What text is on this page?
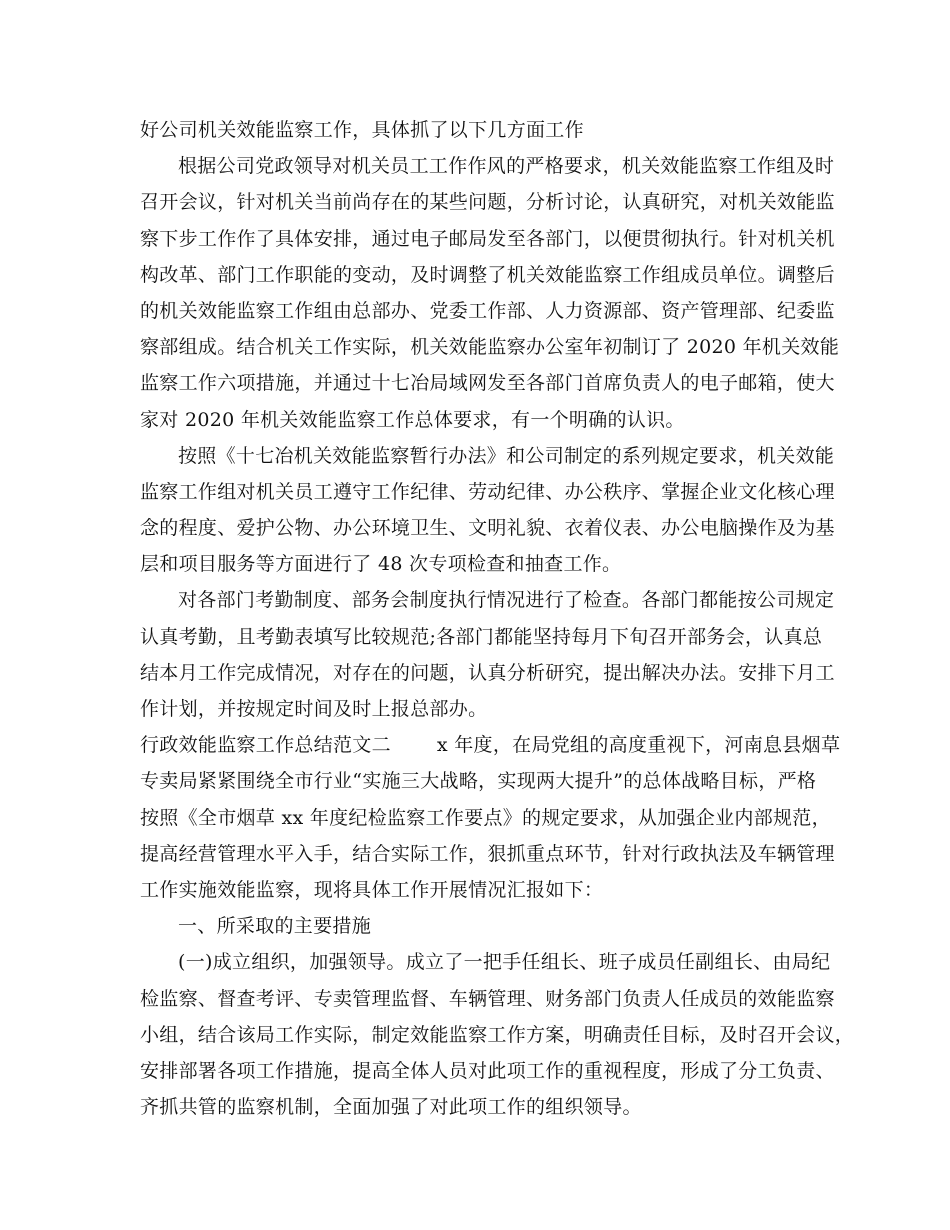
好公司机关效能监察工作，具体抓了以下几方面工作
根据公司党政领导对机关员工工作作风的严格要求，机关效能监察工作组及时
召开会议，针对机关当前尚存在的某些问题，分析讨论，认真研究，对机关效能监
察下步工作作了具体安排，通过电子邮局发至各部门，以便贯彻执行。针对机关机
构改革、部门工作职能的变动，及时调整了机关效能监察工作组成员单位。调整后
的机关效能监察工作组由总部办、党委工作部、人力资源部、资产管理部、纪委监
察部组成。结合机关工作实际，机关效能监察办公室年初制订了 2020 年机关效能
监察工作六项措施，并通过十七冶局域网发至各部门首席负责人的电子邮箱，使大
家对 2020 年机关效能监察工作总体要求，有一个明确的认识。
按照《十七冶机关效能监察暂行办法》和公司制定的系列规定要求，机关效能
监察工作组对机关员工遵守工作纪律、劳动纪律、办公秩序、掌握企业文化核心理
念的程度、爱护公物、办公环境卫生、文明礼貌、衣着仪表、办公电脑操作及为基
层和项目服务等方面进行了 48 次专项检查和抽查工作。
对各部门考勤制度、部务会制度执行情况进行了检查。各部门都能按公司规定
认真考勤，且考勤表填写比较规范;各部门都能坚持每月下旬召开部务会，认真总
结本月工作完成情况，对存在的问题，认真分析研究，提出解决办法。安排下月工
作计划，并按规定时间及时上报总部办。
行政效能监察工作总结范文二 x 年度，在局党组的高度重视下，河南息县烟草
专卖局紧紧围绕全市行业“实施三大战略，实现两大提升”的总体战略目标，严格
按照《全市烟草 xx 年度纪检监察工作要点》的规定要求，从加强企业内部规范，
提高经营管理水平入手，结合实际工作，狠抓重点环节，针对行政执法及车辆管理
工作实施效能监察，现将具体工作开展情况汇报如下：
一、所采取的主要措施
(一)成立组织，加强领导。成立了一把手任组长、班子成员任副组长、由局纪
检监察、督查考评、专卖管理监督、车辆管理、财务部门负责人任成员的效能监察
小组，结合该局工作实际，制定效能监察工作方案，明确责任目标，及时召开会议，
安排部署各项工作措施，提高全体人员对此项工作的重视程度，形成了分工负责、
齐抓共管的监察机制，全面加强了对此项工作的组织领导。
